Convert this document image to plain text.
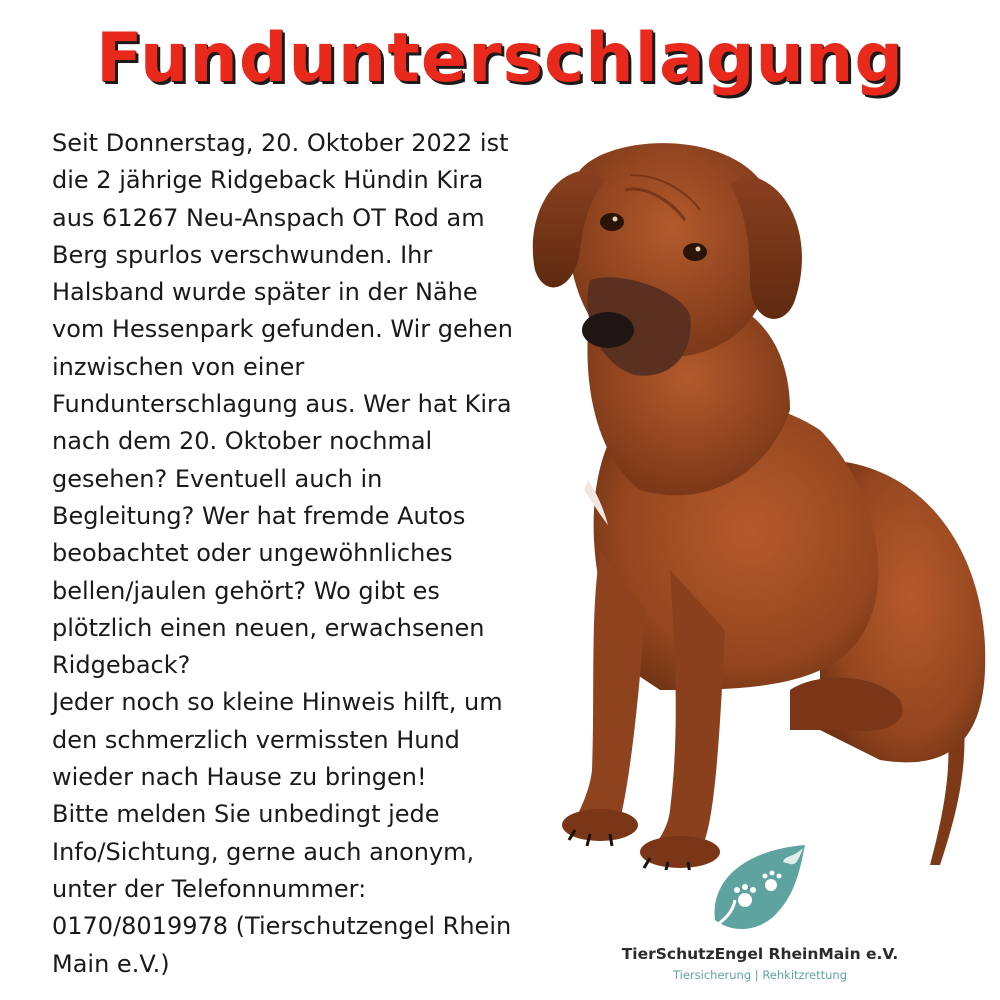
Fundunterschlagung
Seit Donnerstag, 20. Oktober 2022 ist
die 2 jährige Ridgeback Hündin Kira
aus 61267 Neu-Anspach OT Rod am
Berg spurlos verschwunden. Ihr
Halsband wurde später in der Nähe
vom Hessenpark gefunden. Wir gehen
inzwischen von einer
Fundunterschlagung aus. Wer hat Kira
nach dem 20. Oktober nochmal
gesehen? Eventuell auch in
Begleitung? Wer hat fremde Autos
beobachtet oder ungewöhnliches
bellen/jaulen gehört? Wo gibt es
plötzlich einen neuen, erwachsenen
Ridgeback?
Jeder noch so kleine Hinweis hilft, um
den schmerzlich vermissten Hund
wieder nach Hause zu bringen!
Bitte melden Sie unbedingt jede
Info/Sichtung, gerne auch anonym,
unter der Telefonnummer:
0170/8019978 (Tierschutzengel Rhein
Main e.V.)	TierSchutzEngel RheinMain e.V.
Tiersicherung | Rehkitzrettung
